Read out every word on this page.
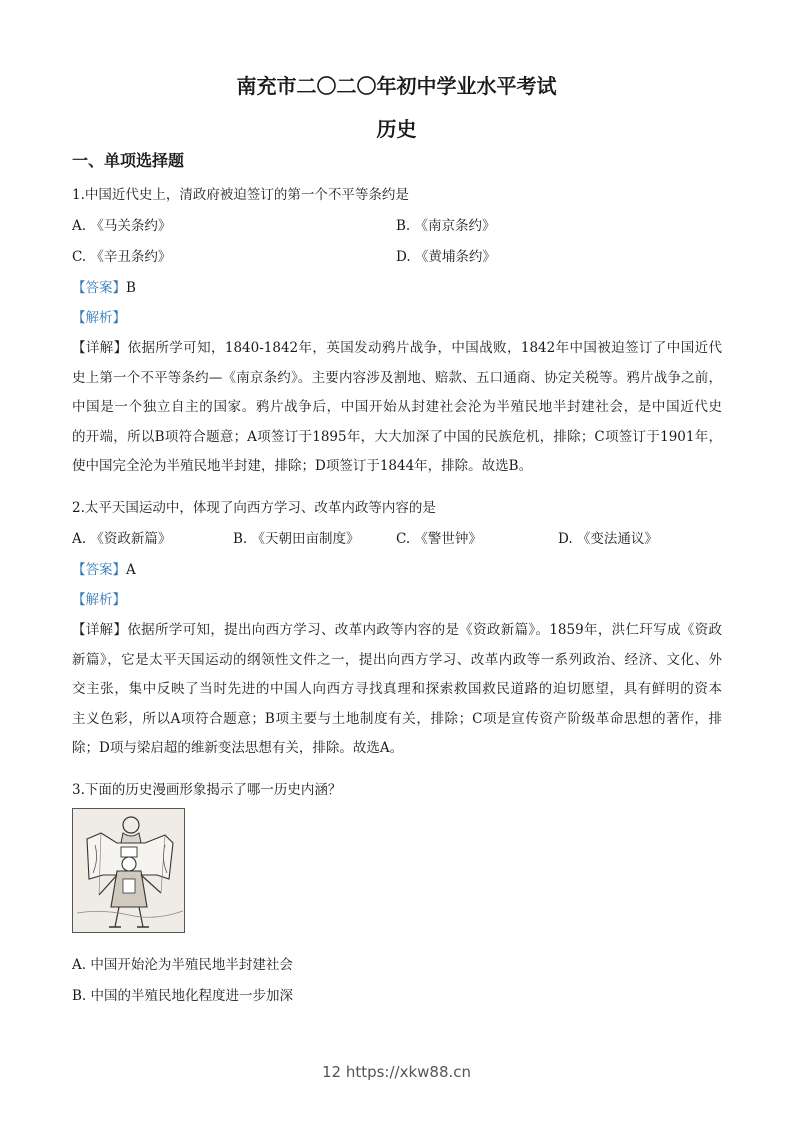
南充市二〇二〇年初中学业水平考试
历史
一、单项选择题
1.中国近代史上，清政府被迫签订的第一个不平等条约是
A. 《马关条约》	B. 《南京条约》
C. 《辛丑条约》	D. 《黄埔条约》
【答案】B
【解析】
【详解】依据所学可知，1840-1842年，英国发动鸦片战争，中国战败，1842年中国被迫签订了中国近代
史上第一个不平等条约—《南京条约》。主要内容涉及割地、赔款、五口通商、协定关税等。鸦片战争之前，
中国是一个独立自主的国家。鸦片战争后，中国开始从封建社会沦为半殖民地半封建社会，是中国近代史
的开端，所以B项符合题意；A项签订于1895年，大大加深了中国的民族危机，排除；C项签订于1901年，
使中国完全沦为半殖民地半封建，排除；D项签订于1844年，排除。故选B。
2.太平天国运动中，体现了向西方学习、改革内政等内容的是
A. 《资政新篇》	B. 《天朝田亩制度》	C. 《警世钟》	D. 《变法通议》
【答案】A
【解析】
【详解】依据所学可知，提出向西方学习、改革内政等内容的是《资政新篇》。1859年，洪仁玕写成《资政
新篇》，它是太平天国运动的纲领性文件之一，提出向西方学习、改革内政等一系列政治、经济、文化、外
交主张，集中反映了当时先进的中国人向西方寻找真理和探索救国救民道路的迫切愿望，具有鲜明的资本
主义色彩，所以A项符合题意；B项主要与土地制度有关，排除；C项是宣传资产阶级革命思想的著作，排
除；D项与梁启超的维新变法思想有关，排除。故选A。
3.下面的历史漫画形象揭示了哪一历史内涵？
A. 中国开始沦为半殖民地半封建社会
B. 中国的半殖民地化程度进一步加深
12 https://xkw88.cn
